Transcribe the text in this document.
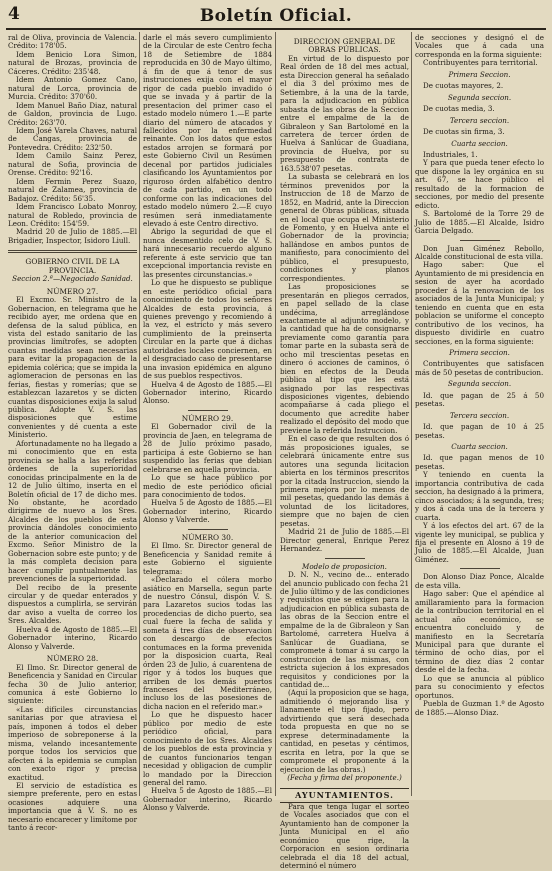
4	Boletín Oficial.

ral de Oliva, provincia de Valencia. Crédito: 178'05.

Idem Benicio Lora Simon, natural de Brozas, provincia de Cáceres. Crédito: 235'48.

Idem Antonio Gomez Cano, natural de Lorca, provincia de Murcia. Crédito: 370'60.

Idem Manuel Baño Diaz, natural de Galdon, provincia de Lugo. Crédito: 263'70.

Idem José Varela Chaves, natural de Cangas, provincia de Pontevedra. Crédito: 232'50.

Idem Camilo Sainz Perez, natural de Sofia, provincia de Orense. Crédito: 92'16.

Idem Fermin Perez Suazo, natural de Zalamea, provincia de Badajoz. Crédito: 56'35.

Idem Francisco Lobato Monroy, natural de Robledo, provincia de Leon. Crédito: 154'59.

Madrid 20 de Julio de 1885.—El Brigadier, Inspector, Isidoro Liull.

GOBIERNO CIVIL DE LA PROVINCIA.

Seccion 2.ª—Negociado Sanidad.

NÚMERO 27.

El Excmo. Sr. Ministro de la Gobernacion, en telegrama que he recibido ayer, me ordena que en defensa de la salud pública, en vista del estado sanitario de las provincias limítrofes, se adopten cuantas medidas sean necesarias para evitar la propagacion de la epidemia colérica; que se impida la aglomeracion de personas en las ferias, fiestas y romerías; que se establezcan lazaretos y se dicten cuantas disposiciones exija la salud pública. Adopte V. S. las disposiciones que estime convenientes y dé cuenta a este Ministerio.

Afortunadamente no ha llegado a mi conocimiento que en esta provincia se halla a las referidas órdenes de la superioridad conocidas principalmente en la de 12 de Julio último, inserta en el Boletín oficial de 17 de dicho mes. No obstante, he acordado dirigirme de nuevo a los Sres. Alcaldes de los pueblos de esta provincia dándoles conocimiento de la anterior comunicacion del Excmo. Señor Ministro de la Gobernacion sobre este punto; y de la más completa decision para hacer cumplir puntualmente las prevenciones de la superioridad.

Del recibo de la presente circular y de quedar enterados y dispuestos a cumplirla, se servirán dar aviso a vuelta de correo los Sres. Alcaldes.

Huelva 4 de Agosto de 1885.—El Gobernador interino, Ricardo Alonso y Valverde.

NÚMERO 28.

El Ilmo. Sr. Director general de Beneficencia y Sanidad en Circular fecha 30 de Julio anterior, comunica á este Gobierno lo siguiente:

«Las difíciles circunstancias sanitarias por que atraviesa el país, imponen á todos el deber imperioso de sobreponerse á la misma, velando incesantemente porque todos los servicios que afecten á la epidemia se cumplan con exacto rigor y precisa exactitud.

El servicio de estadística es siempre preferente, pero en estas ocasiones adquiere una importancia que á V. S. no es necesario encarecer y limítome por tanto á recor-

darle el más severo cumplimiento de la Circular de este Centro fecha 18 de Setiembre de 1884 reproducida en 30 de Mayo último, á fin de que á tenor de sus instrucciones exija con el mayor rigor de cada pueblo invadido ó que se invada y á partir de la presentacion del primer caso el estado modelo número 1.—E parte diario del número de atacados y fallecidos por la enfermedad reinante. Con los datos que estos estados arrojen se formará por este Gobierno Civil un Resúmen decenal por partidos judiciales clasificando los Ayuntamientos por riguroso órden alfabético dentro de cada partido, en un todo conforme con las indicaciones del estado modelo número 2.—E cuyo resúmen será inmediatamente elevado á este Centro directivo.

Abrigo la seguridad de que el nunca desmentido celo de V. S. hará innecesario recuerdo alguno referente á este servicio que tan excepcional importancia reviste en las presentes circunstancias.»

Lo que he dispuesto se publique en este periódico oficial para conocimiento de todos los señores Alcaldes de esta provincia, á quienes prevengo y recomiendo á la vez, el estricto y más severo cumplimiento de la preinserta Circular en la parte que á dichas autoridades locales conciernen, en el desgraciado caso de presentarse una invasion epidémica en alguno de sus pueblos respectivos.

Huelva 4 de Agosto de 1885.—El Gobernador interino, Ricardo Alonso.

NÚMERO 29.

El Gobernador civil de la provincia de Jaen, en telegrama de 28 de Julio próximo pasado, participa á este Gobierno se han suspendido las ferias que debian celebrarse en aquella provincia.

Lo que se hace público por medio de este periódico oficial para conocimiento de todos.

Huelva 5 de Agosto de 1885.—El Gobernador interino, Ricardo Alonso y Valverde.

NÚMERO 30.

El Ilmo. Sr. Director general de Beneficencia y Sanidad remite á este Gobierno el siguiente telegrama:

«Declarado el cólera morbo asiático en Marsella, segun parte de nuestro Cónsul, dispón V. S. para Lazaretos sucios todas las procedencias de dicho puerto, sea cual fuere la fecha de salida y someta á tres días de observacion con descargo de efectos contumaces en la forma prevenida por la disposicion cuarta, Real órden 23 de Julio, á cuarentena de rigor y á todos los buques que arriben de los demás puertos franceses del Mediterráneo, incluso los de las posesiones de dicha nacion en el referido mar.»

Lo que he dispuesto hacer público por medio de este periódico oficial, para conocimiento de los Sres. Alcaldes de los pueblos de esta provincia y de cuantos funcionarios tengan necesidad y obligacion de cumplir lo mandado por la Direccion general del ramo.

Huelva 5 de Agosto de 1885.—El Gobernador interino, Ricardo Alonso y Valverde.

DIRECCION GENERAL DE OBRAS PÚBLICAS.

En virtud de lo dispuesto por Real órden de 18 del mes actual, esta Direccion general ha señalado el dia 3 del próximo mes de Setiembre, á la una de la tarde, para la adjudicacion en pública subasta de las obras de la Seccion entre el empalme de la de Gibraleon y San Bartolomé en la carretera de tercer órden de Huelva á Sanlúcar de Guadiana, provincia de Huelva, por su presupuesto de contrata de 163.538'07 pesetas.

La subasta se celebrará en los términos prevenidos por la Instruccion de 18 de Marzo de 1852, en Madrid, ante la Direccion general de Obras públicas, situada en el local que ocupa el Ministerio de Fomento, y en Huelva ante el Gobernador de la provincia; hallándose en ambos puntos de manifiesto, para conocimiento del público, el presupuesto, condiciones y planos correspondientes.

Las proposiciones se presentarán en pliegos cerrados, en papel sellado de la clase undécima, arreglándose exactamente al adjunto modelo, y la cantidad que ha de consignarse previamente como garantía para tomar parte en la subasta será de ocho mil trescientas pesetas en dinero ó acciones de caminos, ó bien en efectos de la Deuda pública al tipo que les está asignado por las respectivas disposiciones vigentes, debiendo acompañarse á cada pliego el documento que acredite haber realizado el depósito del modo que previene la referida Instruccion.

En el caso de que resulten dos ó más proposiciones iguales, se celebrará únicamente entre sus autores una segunda licitacion abierta en los términos prescritos por la citada Instruccion, siendo la primera mejora por lo menos de mil pesetas, quedando las demás á voluntad de los licitadores, siempre que no bajen de cien pesetas.

Madrid 21 de Julio de 1885.—El Director general, Enrique Perez Hernandez.

Modelo de proposicion.

D. N. N., vecino de... enterado del anuncio publicado con fecha 21 de Julio último y de las condiciones y requisitos que se exigen para la adjudicacion en pública subasta de las obras de la Seccion entre el empalme de la de Gibraleon y San Bartolomé, carretera Huelva á Sanlúcar de Guadiana, se compromete á tomar á su cargo la construccion de las mismas, con estricta sujecion á los expresados requisitos y condiciones por la cantidad de...

(Aquí la proposicion que se haga, admitiendo ó mejorando lisa y llanamente el tipo fijado, pero advirtiendo que será desechada toda propuesta en que no se exprese determinadamente la cantidad, en pesetas y céntimos, escrita en letra, por la que se compromete el proponente á la ejecucion de las obras.)

(Fecha y firma del proponente.)

AYUNTAMIENTOS.

Para que tenga lugar el sorteo de Vocales asociados que con el Ayuntamiento han de componer la Junta Municipal en el año económico que rige, la Corporacion en sesion ordinaria celebrada el dia 18 del actual, determinó el número

de secciones y designó el de Vocales que á cada una corresponda en la forma siguiente:

Contribuyentes para territorial.

Primera Seccion.

De cuotas mayores, 2.

Segunda seccion.

De cuotas media, 3.

Tercera seccion.

De cuotas sin firma, 3.

Cuarta seccion.

Industriales, 1.

Y para que pueda tener efecto lo que dispone la ley orgánica en su art. 67, se hace público el resultado de la formacion de secciones, por medio del presente edicto.

S. Bartolomé de la Torre 29 de Julio de 1885.—El Alcalde, Isidro Garcia Delgado.

Don Juan Giménez Rebollo, Alcalde constitucional de esta villa.

Hago saber: Que el Ayuntamiento de mi presidencia en sesion de ayer ha acordado proceder á la renovacion de los asociados de la Junta Municipal; y teniendo en cuenta que en esta poblacion se uniforme el concepto contributivo de los vecinos, ha dispuesto dividirle en cuatro secciones, en la forma siguiente:

Primera seccion.

Contribuyentes que satisfacen más de 50 pesetas de contribucion.

Segunda seccion.

Id. que pagan de 25 á 50 pesetas.

Tercera seccion.

Id. que pagan de 10 á 25 pesetas.

Cuarta seccion.

Id. que pagan menos de 10 pesetas.

Y teniendo en cuenta la importancia contributiva de cada seccion, ha designado á la primera, cinco asociados; á la segunda, tres; y dos á cada una de la tercera y cuarta.

Y á los efectos del art. 67 de la vigente ley municipal, se publica y fija el presente en Alosno á 19 de Julio de 1885.—El Alcalde, Juan Giménez.

Don Alonso Diaz Ponce, Alcalde de esta villa.

Hago saber: Que el apéndice al amillaramiento para la formacion de la contribucion territorial en el actual año económico, se encuentra concluido y de manifiesto en la Secretaría Municipal para que durante el término de ocho dias, por el término de diez días 2 contar desde el de la fecha.

Lo que se anuncia al público para su conocimiento y efectos oportunos.

Puebla de Guzman 1.º de Agosto de 1885.—Alonso Diaz.
